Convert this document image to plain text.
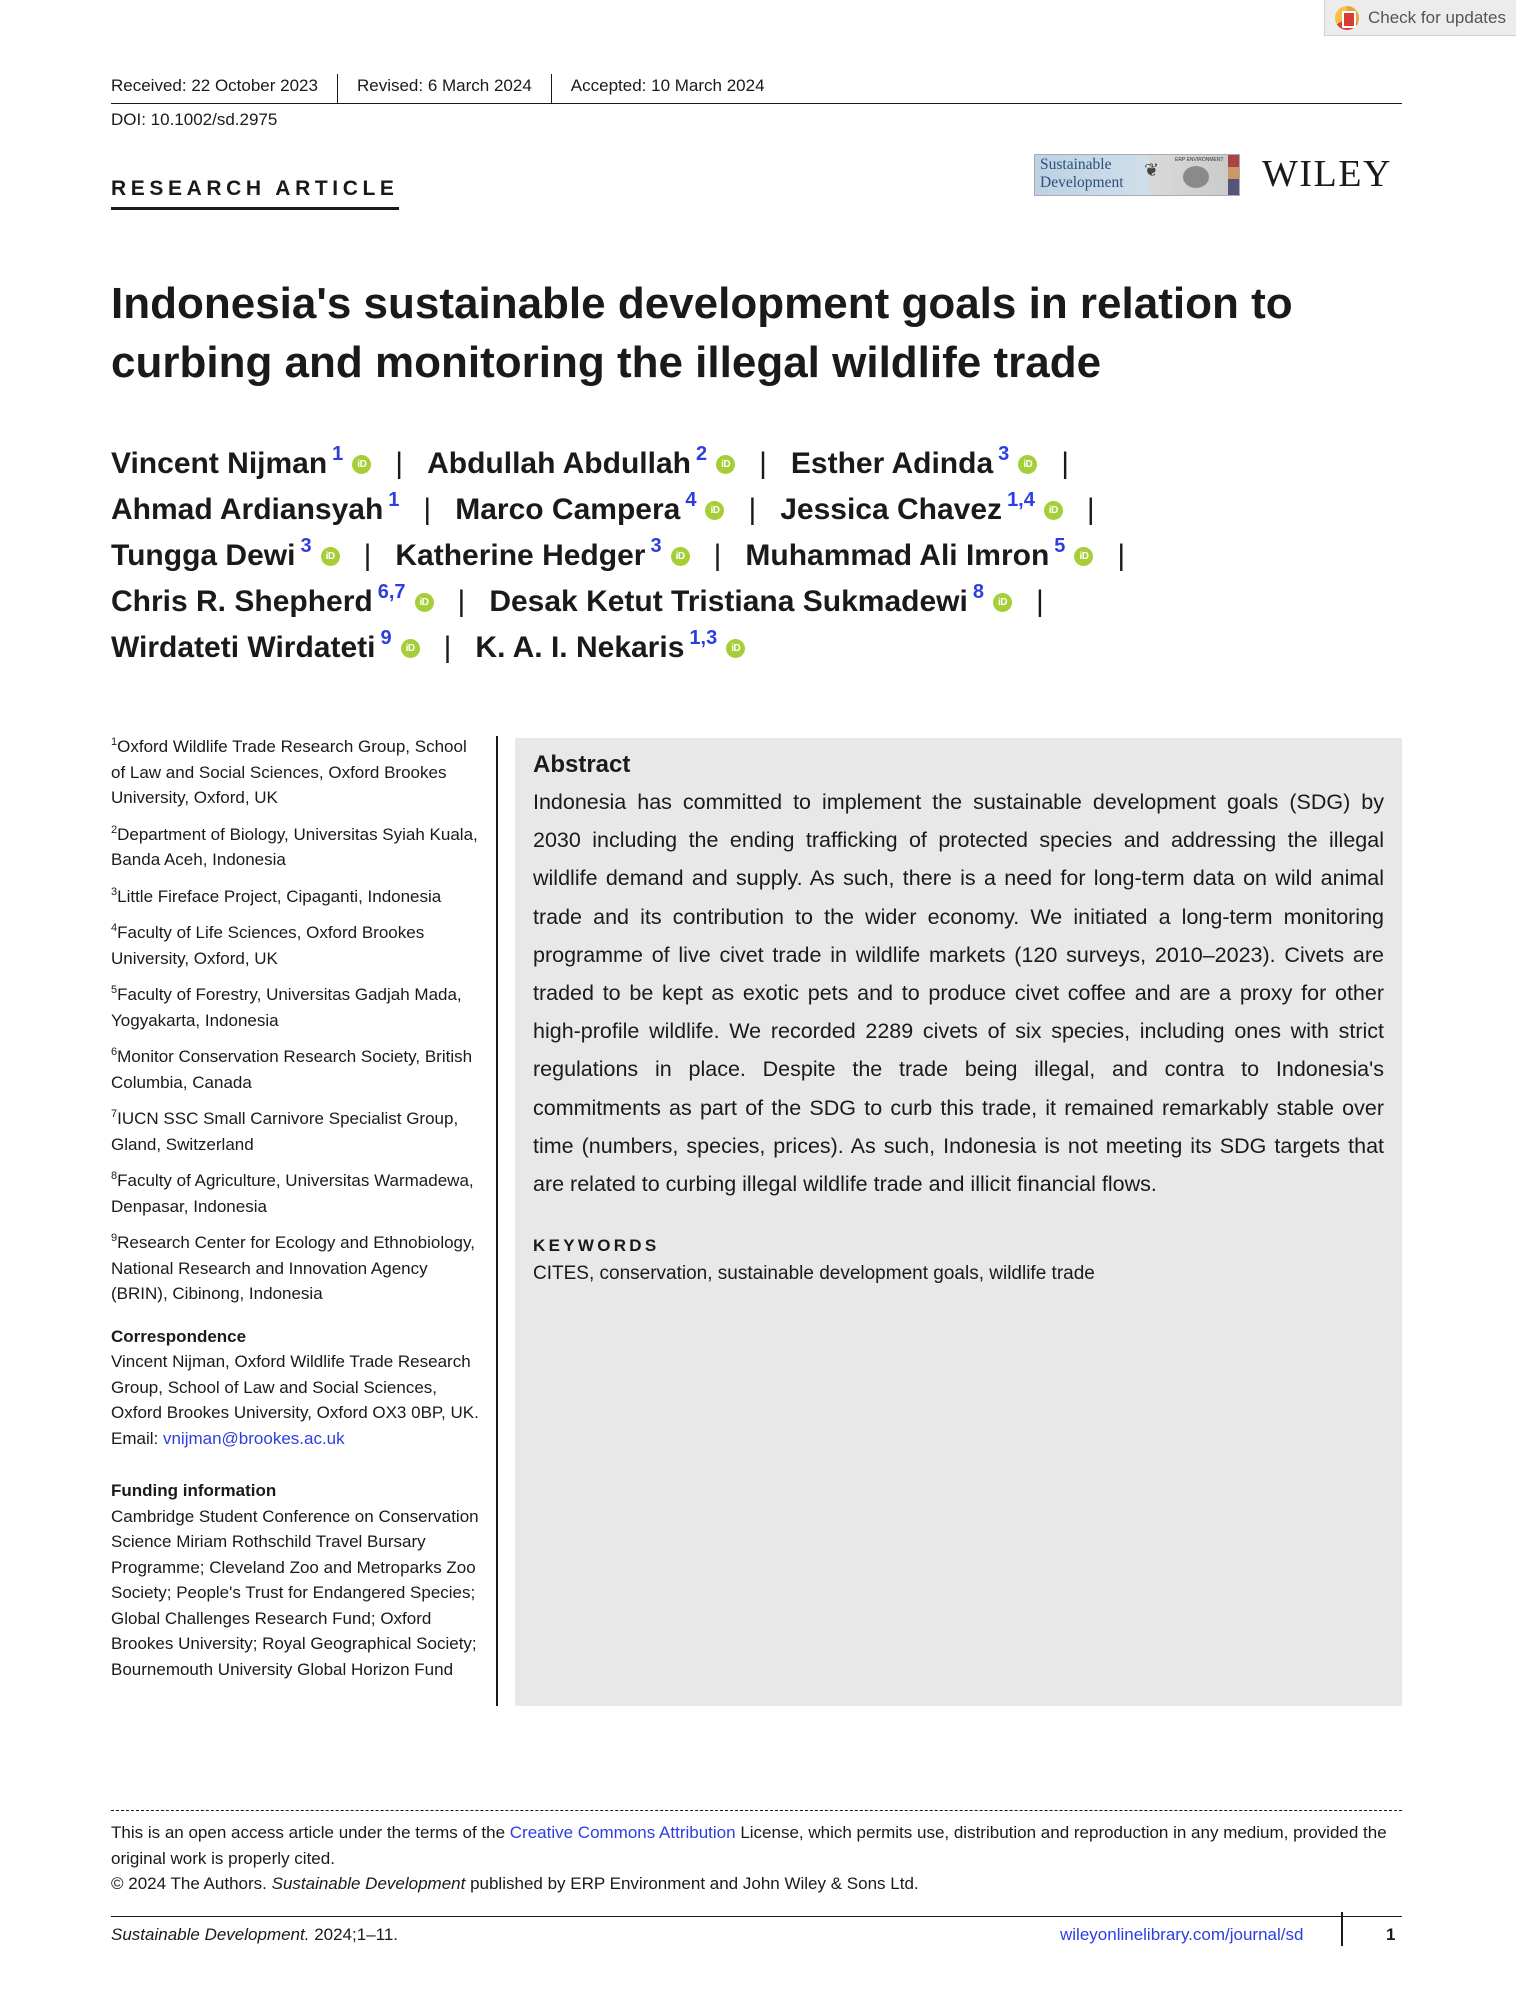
Check for updates
Received: 22 October 2023	Revised: 6 March 2024	Accepted: 10 March 2024
DOI: 10.1002/sd.2975
RESEARCH ARTICLE
Sustainable
Development
❦	ERP ENVIRONMENT WILEY
Indonesia's sustainable development goals in relation to curbing and monitoring the illegal wildlife trade
Vincent Nijman 1	iD | Abdullah Abdullah 2	iD | Esther Adinda 3	iD |
Ahmad Ardiansyah 1 | Marco Campera 4	iD | Jessica Chavez 1,4	iD |
Tungga Dewi 3	iD | Katherine Hedger 3	iD | Muhammad Ali Imron 5	iD |
Chris R. Shepherd 6,7	iD | Desak Ketut Tristiana Sukmadewi 8	iD |
Wirdateti Wirdateti 9	iD | K. A. I. Nekaris 1,3	iD
$^1$Oxford Wildlife Trade Research Group, School of Law and Social Sciences, Oxford Brookes University, Oxford, UK
$^2$Department of Biology, Universitas Syiah Kuala, Banda Aceh, Indonesia
$^3$Little Fireface Project, Cipaganti, Indonesia
$^4$Faculty of Life Sciences, Oxford Brookes University, Oxford, UK
$^5$Faculty of Forestry, Universitas Gadjah Mada, Yogyakarta, Indonesia
$^6$Monitor Conservation Research Society, British Columbia, Canada
$^7$IUCN SSC Small Carnivore Specialist Group, Gland, Switzerland
$^8$Faculty of Agriculture, Universitas Warmadewa, Denpasar, Indonesia
$^9$Research Center for Ecology and Ethnobiology, National Research and Innovation Agency (BRIN), Cibinong, Indonesia
Correspondence
Vincent Nijman, Oxford Wildlife Trade Research Group, School of Law and Social Sciences, Oxford Brookes University, Oxford OX3 0BP, UK.
Email: vnijman@brookes.ac.uk
Funding information
Cambridge Student Conference on Conservation Science Miriam Rothschild Travel Bursary Programme; Cleveland Zoo and Metroparks Zoo Society; People's Trust for Endangered Species; Global Challenges Research Fund; Oxford Brookes University; Royal Geographical Society; Bournemouth University Global Horizon Fund
Abstract

Indonesia has committed to implement the sustainable development goals (SDG) by 2030 including the ending trafficking of protected species and addressing the illegal wildlife demand and supply. As such, there is a need for long-term data on wild animal trade and its contribution to the wider economy. We initiated a long-term monitoring programme of live civet trade in wildlife markets (120 surveys, 2010–2023). Civets are traded to be kept as exotic pets and to produce civet coffee and are a proxy for other high-profile wildlife. We recorded 2289 civets of six species, including ones with strict regulations in place. Despite the trade being illegal, and contra to Indonesia's commitments as part of the SDG to curb this trade, it remained remarkably stable over time (numbers, species, prices). As such, Indonesia is not meeting its SDG targets that are related to curbing illegal wildlife trade and illicit financial flows.

KEYWORDS
CITES, conservation, sustainable development goals, wildlife trade
This is an open access article under the terms of the Creative Commons Attribution License, which permits use, distribution and reproduction in any medium, provided the original work is properly cited.
© 2024 The Authors. Sustainable Development published by ERP Environment and John Wiley & Sons Ltd.
Sustainable Development. 2024;1–11.	wileyonlinelibrary.com/journal/sd	1
